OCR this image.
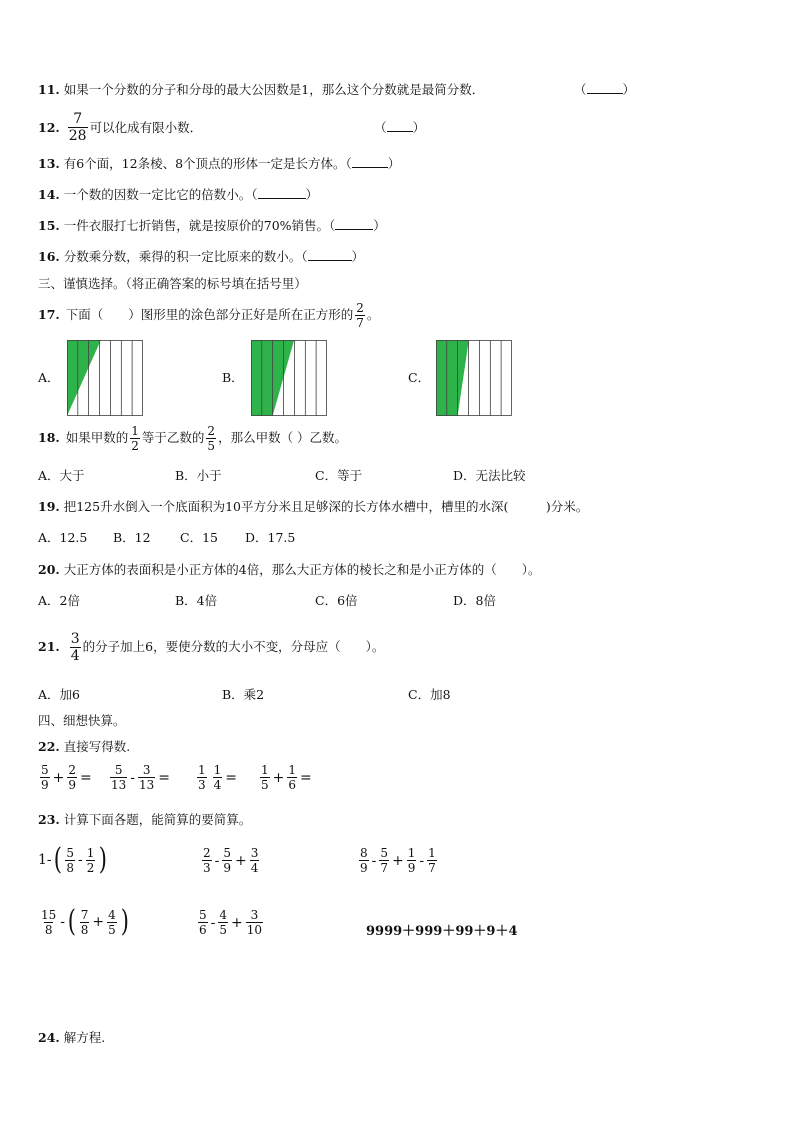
11. 如果一个分数的分子和分母的最大公因数是1，那么这个分数就是最简分数．	（	）
12. $\frac{7}{28}$ 可以化成有限小数．	（ ）
13. 有6个面，12条棱、8个顶点的形体一定是长方体。（	）
14. 一个数的因数一定比它的倍数小。（	）
15. 一件衣服打七折销售，就是按原价的70%销售。（	）
16. 分数乘分数，乘得的积一定比原来的数小。（	）
三、谨慎选择。（将正确答案的标号填在括号里）
17. 下面（　　）图形里的涂色部分正好是所在正方形的 $\frac{2}{7}$ 。
A．	B．	C．
18. 如果甲数的 $\frac{1}{2}$ 等于乙数的 $\frac{2}{5}$ ，那么甲数（ ）乙数。
A．大于	B．小于	C．等于	D．无法比较
19. 把125升水倒入一个底面积为10平方分米且足够深的长方体水槽中，槽里的水深(　　　)分米。
A．12.5 B．12 C．15 D．17.5
20. 大正方体的表面积是小正方体的4倍，那么大正方体的棱长之和是小正方体的（　　）。
A．2倍	B．4倍	C．6倍	D．8倍
21. $\frac{3}{4}$ 的分子加上6，要使分数的大小不变，分母应（　　）。
A．加6	B．乘2	C．加8
四、细想快算。
22. 直接写得数.
$\frac{5}{9} + \frac{2}{9} = \frac{5}{13} - \frac{3}{13} = \frac{1}{3} \frac{1}{4} = \frac{1}{5} + \frac{1}{6}$ =
23. 计算下面各题，能简算的要简算。
1- ( $\frac{5}{8} - \frac{1}{2}$ )	$\frac{2}{3} - \frac{5}{9} + \frac{3}{4}$	$\frac{8}{9} - \frac{5}{7} + \frac{1}{9} - \frac{1}{7}$
$\frac{15}{8}$ - ( $\frac{7}{8} + \frac{4}{5}$ )	$\frac{5}{6} - \frac{4}{5} + \frac{3}{10}$	9999＋999＋99＋9＋4
24. 解方程.
